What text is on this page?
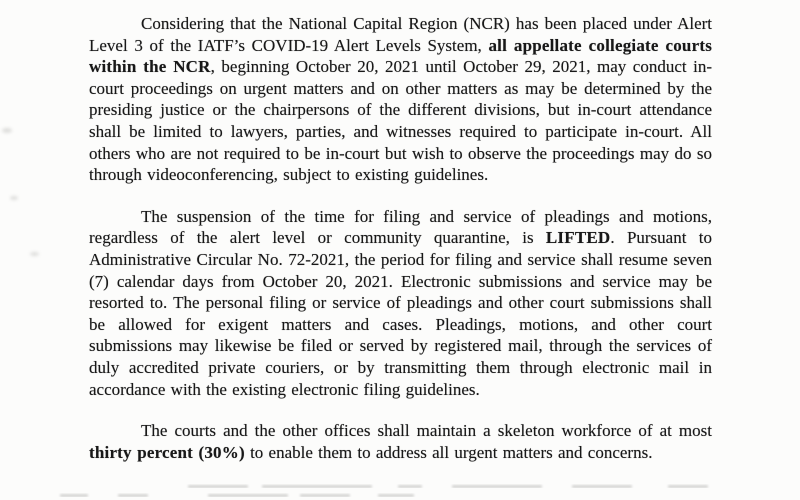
Considering that the National Capital Region (NCR) has been placed under Alert Level 3 of the IATF’s COVID-19 Alert Levels System, all appellate collegiate courts within the NCR, beginning October 20, 2021 until October 29, 2021, may conduct in-court proceedings on urgent matters and on other matters as may be determined by the presiding justice or the chairpersons of the different divisions, but in-court attendance shall be limited to lawyers, parties, and witnesses required to participate in-court. All others who are not required to be in-court but wish to observe the proceedings may do so through videoconferencing, subject to existing guidelines.

The suspension of the time for filing and service of pleadings and motions, regardless of the alert level or community quarantine, is LIFTED. Pursuant to Administrative Circular No. 72-2021, the period for filing and service shall resume seven (7) calendar days from October 20, 2021. Electronic submissions and service may be resorted to. The personal filing or service of pleadings and other court submissions shall be allowed for exigent matters and cases. Pleadings, motions, and other court submissions may likewise be filed or served by registered mail, through the services of duly accredited private couriers, or by transmitting them through electronic mail in accordance with the existing electronic filing guidelines.

The courts and the other offices shall maintain a skeleton workforce of at most thirty percent (30%) to enable them to address all urgent matters and concerns.
